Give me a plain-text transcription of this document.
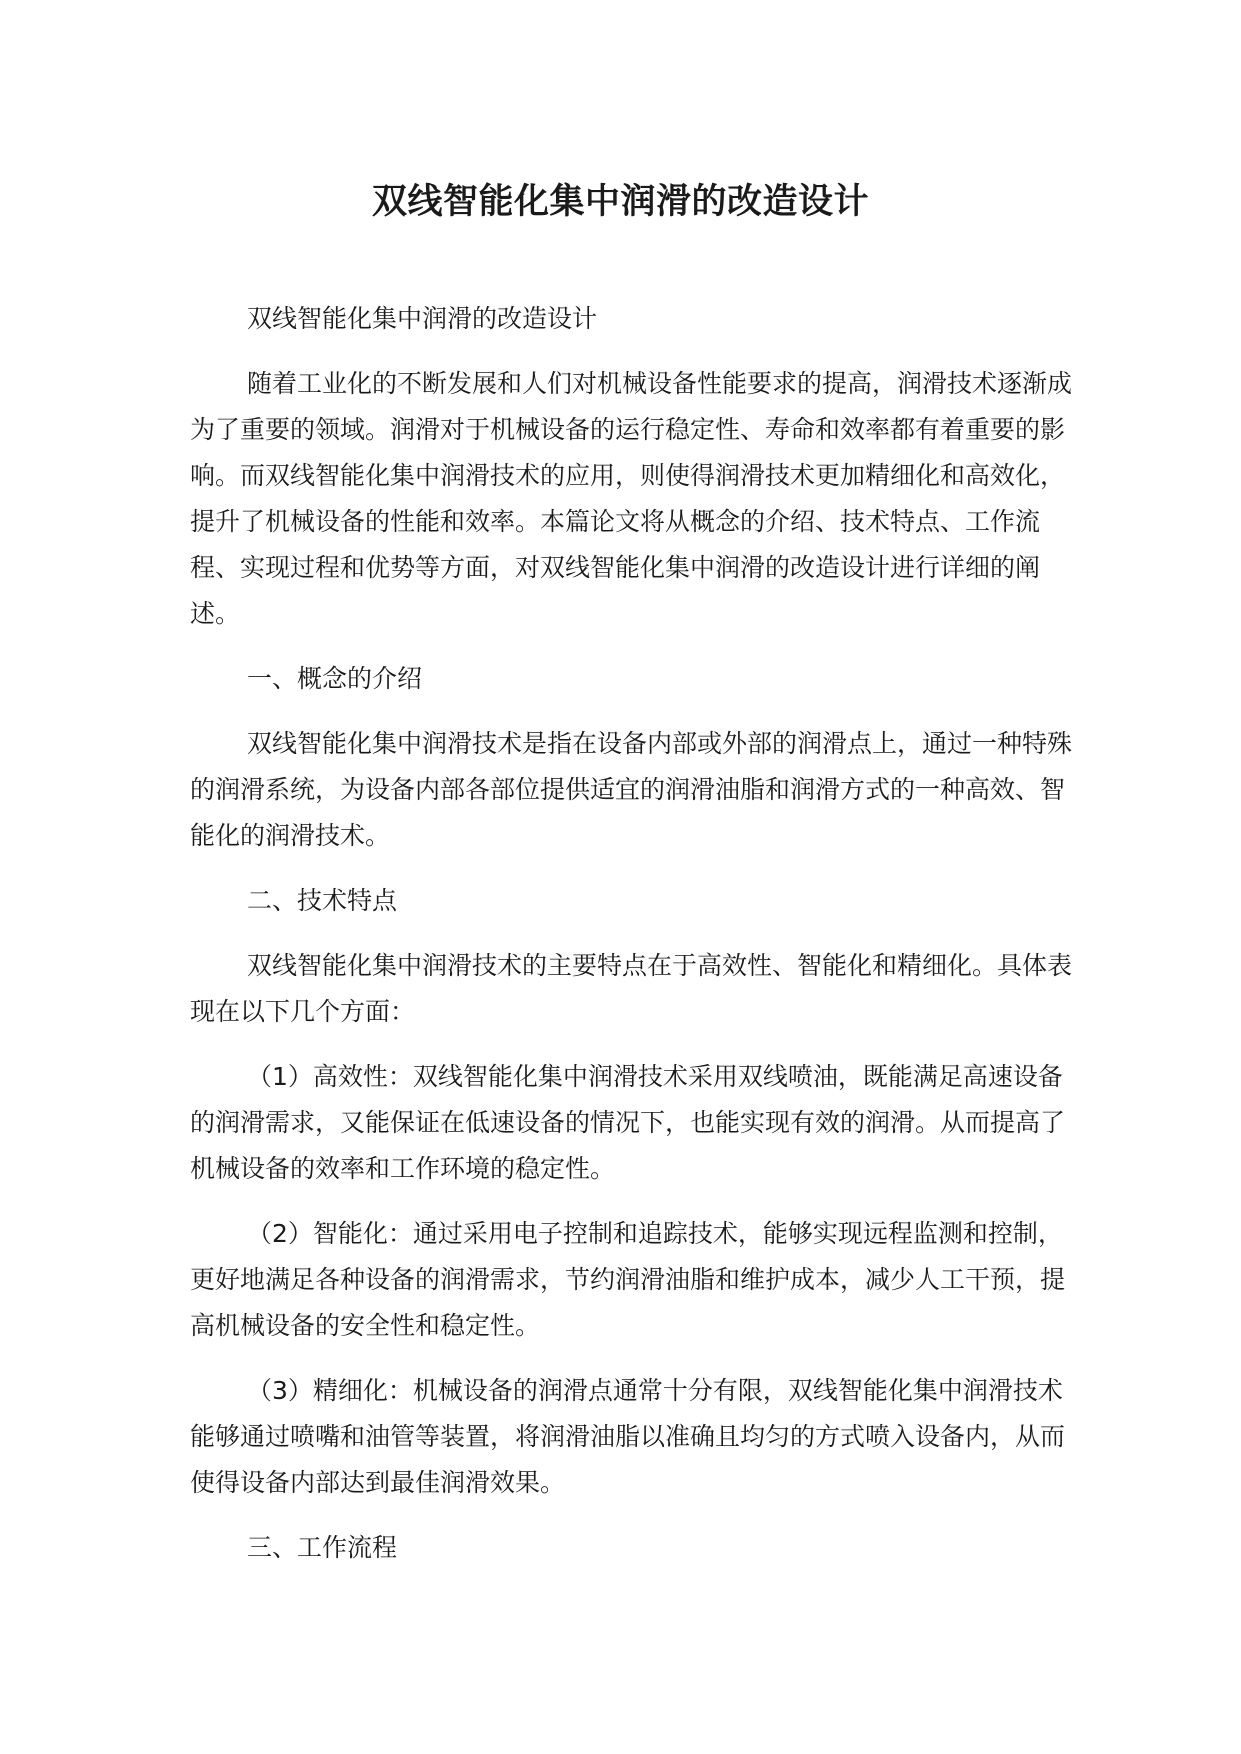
双线智能化集中润滑的改造设计

双线智能化集中润滑的改造设计

随着工业化的不断发展和人们对机械设备性能要求的提高，润滑技术逐渐成为了重要的领域。润滑对于机械设备的运行稳定性、寿命和效率都有着重要的影响。而双线智能化集中润滑技术的应用，则使得润滑技术更加精细化和高效化，提升了机械设备的性能和效率。本篇论文将从概念的介绍、技术特点、工作流程、实现过程和优势等方面，对双线智能化集中润滑的改造设计进行详细的阐述。

一、概念的介绍

双线智能化集中润滑技术是指在设备内部或外部的润滑点上，通过一种特殊的润滑系统，为设备内部各部位提供适宜的润滑油脂和润滑方式的一种高效、智能化的润滑技术。

二、技术特点

双线智能化集中润滑技术的主要特点在于高效性、智能化和精细化。具体表现在以下几个方面：

（1）高效性：双线智能化集中润滑技术采用双线喷油，既能满足高速设备的润滑需求，又能保证在低速设备的情况下，也能实现有效的润滑。从而提高了机械设备的效率和工作环境的稳定性。

（2）智能化：通过采用电子控制和追踪技术，能够实现远程监测和控制，更好地满足各种设备的润滑需求，节约润滑油脂和维护成本，减少人工干预，提高机械设备的安全性和稳定性。

（3）精细化：机械设备的润滑点通常十分有限，双线智能化集中润滑技术能够通过喷嘴和油管等装置，将润滑油脂以准确且均匀的方式喷入设备内，从而使得设备内部达到最佳润滑效果。

三、工作流程
